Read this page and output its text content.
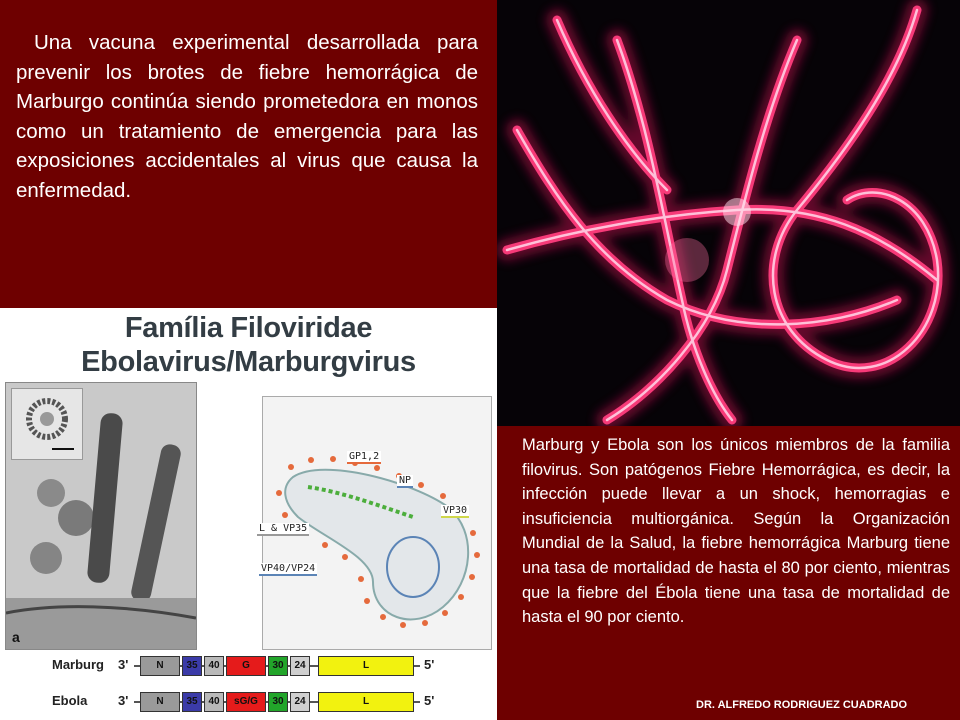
Una vacuna experimental desarrollada para prevenir los brotes de fiebre hemorrágica de Marburgo continúa siendo prometedora en monos como un tratamiento de emergencia para las exposiciones accidentales al virus que causa la enfermedad.

Família Filoviridae
Ebolavirus/Marburgvirus
a
GP1,2
NP
VP30
L & VP35
VP40/VP24
Marburg 3'	N	35	40	G	30	24	L	5'
Ebola 3'	N	35	40	sG/G	30	24	L	5'

Marburg y Ebola son los únicos miembros de la familia filovirus. Son patógenos Fiebre Hemorrágica, es decir, la infección puede llevar a un shock, hemorragias e insuficiencia multiorgánica. Según la Organización Mundial de la Salud, la fiebre hemorrágica Marburg tiene una tasa de mortalidad de hasta el 80 por ciento, mientras que la fiebre del Ébola tiene una tasa de mortalidad de hasta el 90 por ciento.

DR. ALFREDO RODRIGUEZ CUADRADO
